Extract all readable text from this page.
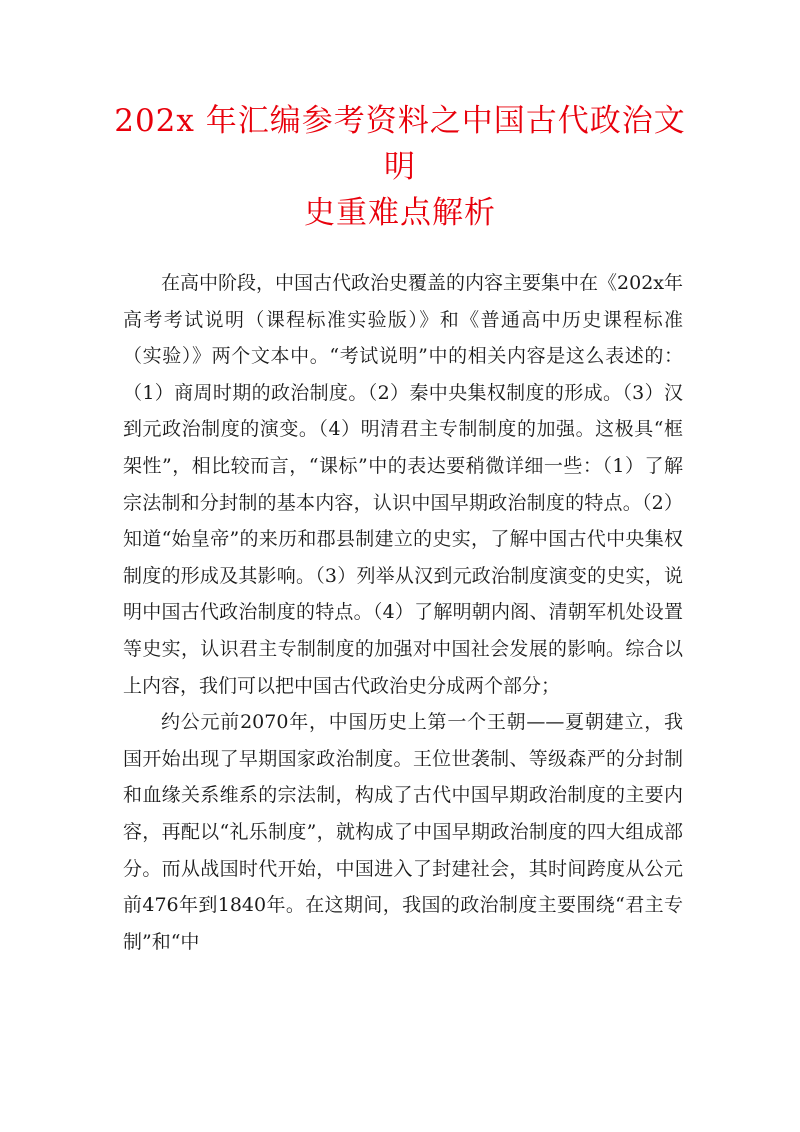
202x 年汇编参考资料之中国古代政治文明
史重难点解析

在高中阶段，中国古代政治史覆盖的内容主要集中在《202x年高考考试说明（课程标准实验版）》和《普通高中历史课程标准（实验）》两个文本中。“考试说明”中的相关内容是这么表述的：（1）商周时期的政治制度。（2）秦中央集权制度的形成。（3）汉到元政治制度的演变。（4）明清君主专制制度的加强。这极具“框架性”，相比较而言，“课标”中的表达要稍微详细一些：（1）了解宗法制和分封制的基本内容，认识中国早期政治制度的特点。（2）知道“始皇帝”的来历和郡县制建立的史实，了解中国古代中央集权制度的形成及其影响。（3）列举从汉到元政治制度演变的史实，说明中国古代政治制度的特点。（4）了解明朝内阁、清朝军机处设置等史实，认识君主专制制度的加强对中国社会发展的影响。综合以上内容，我们可以把中国古代政治史分成两个部分；

约公元前2070年，中国历史上第一个王朝——夏朝建立，我国开始出现了早期国家政治制度。王位世袭制、等级森严的分封制和血缘关系维系的宗法制，构成了古代中国早期政治制度的主要内容，再配以“礼乐制度”，就构成了中国早期政治制度的四大组成部分。而从战国时代开始，中国进入了封建社会，其时间跨度从公元前476年到1840年。在这期间，我国的政治制度主要围绕“君主专制”和“中
